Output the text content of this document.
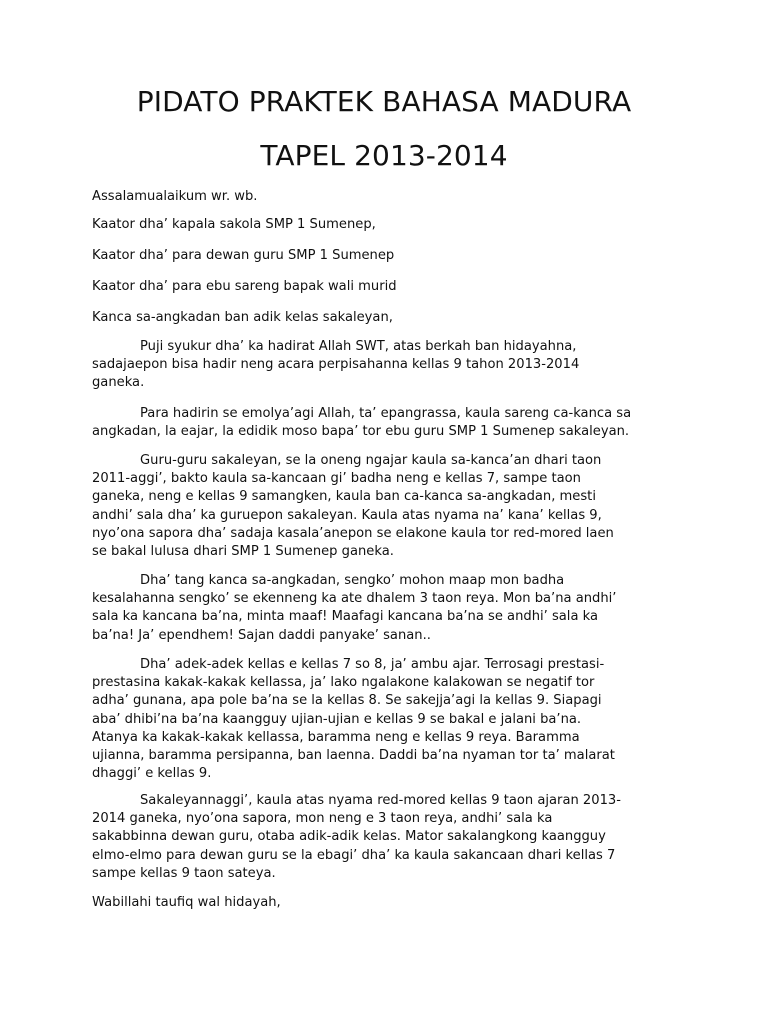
PIDATO PRAKTEK BAHASA MADURA
TAPEL 2013-2014

Assalamualaikum wr. wb.

Kaator dha’ kapala sakola SMP 1 Sumenep,

Kaator dha’ para dewan guru SMP 1 Sumenep

Kaator dha’ para ebu sareng bapak wali murid

Kanca sa-angkadan ban adik kelas sakaleyan,

Puji syukur dha’ ka hadirat Allah SWT, atas berkah ban hidayahna,
sadajaepon bisa hadir neng acara perpisahanna kellas 9 tahon 2013-2014
ganeka.
Para hadirin se emolya’agi Allah, ta’ epangrassa, kaula sareng ca-kanca sa
angkadan, la eajar, la edidik moso bapa’ tor ebu guru SMP 1 Sumenep sakaleyan.
Guru-guru sakaleyan, se la oneng ngajar kaula sa-kanca’an dhari taon
2011-aggi’, bakto kaula sa-kancaan gi’ badha neng e kellas 7, sampe taon
ganeka, neng e kellas 9 samangken, kaula ban ca-kanca sa-angkadan, mesti
andhi’ sala dha’ ka guruepon sakaleyan. Kaula atas nyama na’ kana’ kellas 9,
nyo’ona sapora dha’ sadaja kasala’anepon se elakone kaula tor red-mored laen
se bakal lulusa dhari SMP 1 Sumenep ganeka.
Dha’ tang kanca sa-angkadan, sengko’ mohon maap mon badha
kesalahanna sengko’ se ekenneng ka ate dhalem 3 taon reya. Mon ba’na andhi’
sala ka kancana ba’na, minta maaf! Maafagi kancana ba’na se andhi’ sala ka
ba’na! Ja’ ependhem! Sajan daddi panyake’ sanan..
Dha’ adek-adek kellas e kellas 7 so 8, ja’ ambu ajar. Terrosagi prestasi-
prestasina kakak-kakak kellassa, ja’ lako ngalakone kalakowan se negatif tor
adha’ gunana, apa pole ba’na se la kellas 8. Se sakejja’agi la kellas 9. Siapagi
aba’ dhibi’na ba’na kaangguy ujian-ujian e kellas 9 se bakal e jalani ba’na.
Atanya ka kakak-kakak kellassa, baramma neng e kellas 9 reya. Baramma
ujianna, baramma persipanna, ban laenna. Daddi ba’na nyaman tor ta’ malarat
dhaggi’ e kellas 9.
Sakaleyannaggi’, kaula atas nyama red-mored kellas 9 taon ajaran 2013-
2014 ganeka, nyo’ona sapora, mon neng e 3 taon reya, andhi’ sala ka
sakabbinna dewan guru, otaba adik-adik kelas. Mator sakalangkong kaangguy
elmo-elmo para dewan guru se la ebagi’ dha’ ka kaula sakancaan dhari kellas 7
sampe kellas 9 taon sateya.

Wabillahi taufiq wal hidayah,
